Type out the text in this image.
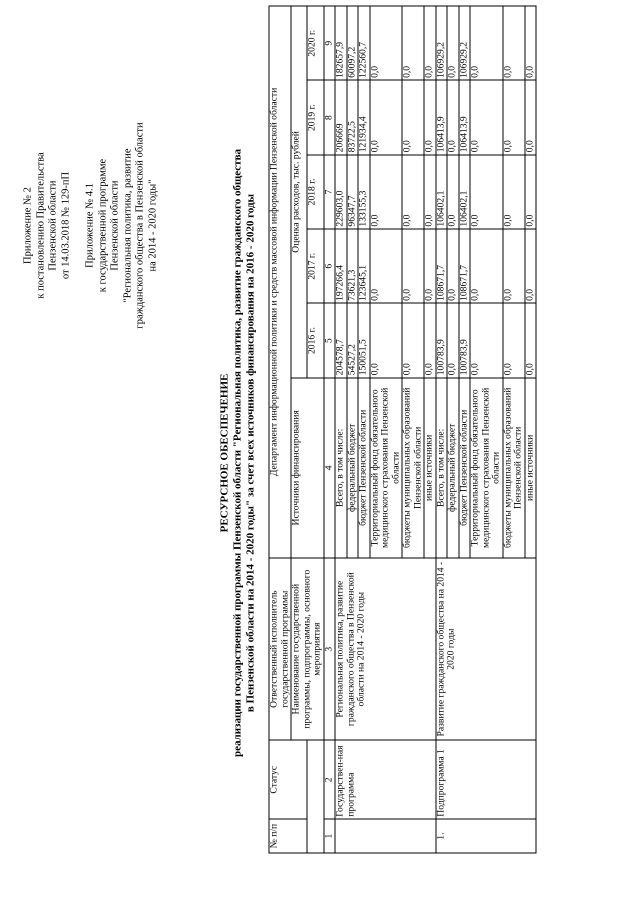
Приложение № 2 к постановлению Правительства Пензенской области от 14.03.2018 № 129-пП Приложение № 4.1 к государственной программе Пензенской области "Региональная политика, развитие гражданского общества в Пензенской области на 2014 - 2020 годы"
РЕСУРСНОЕ ОБЕСПЕЧЕНИЕ реализации государственной программы Пензенской области "Региональная политика, развитие гражданского общества в Пензенской области на 2014 - 2020 годы" за счет всех источников финансирования на 2016 - 2020 годы
№ п/п	Статус	Ответственный исполнитель государственной программы	Департамент информационной политики и средств массовой информации Пензенской области					
		Наименование государственной программы, подпрограммы, основного мероприятия	Источники финансирования	Оценка расходов, тыс. рублей				
				2016 г.	2017 г.	2018 г.	2019 г.	2020 г.
1	2	3	4	5	6	7	8	9
	Государствен-ная программа	Региональная политика, развитие гражданского общества в Пензенской области на 2014 - 2020 годы	Всего, в том числе:	204578,7	197266,4	229603,0	206669	182657,9
			федеральный бюджет	54527,2	73621,3	96347,7	83722,5	60097,2
			бюджет Пензенской области	150051,5	123645,1	133155,3	121934,4	122560,7
			Территориальный фонд обязательного медицинского страхования Пензенской области	0,0	0,0	0,0	0,0	0,0
			бюджеты муниципальных образований Пензенской области	0,0	0,0	0,0	0,0	0,0
			иные источники	0,0	0,0	0,0	0,0	0,0
1.	Подпрограмма 1	Развитие гражданского общества на 2014 - 2020 годы	Всего, в том числе:	100783,9	108671,7	106402,1	106413,9	106929,2
			федеральный бюджет	0,0	0,0	0,0	0,0	0,0
			бюджет Пензенской области	100783,9	108671,7	106402,1	106413,9	106929,2
			Территориальный фонд обязательного медицинского страхования Пензенской области	0,0	0,0	0,0	0,0	0,0
			бюджеты муниципальных образований Пензенской области	0,0	0,0	0,0	0,0	0,0
			иные источники	0,0	0,0	0,0	0,0	0,0
